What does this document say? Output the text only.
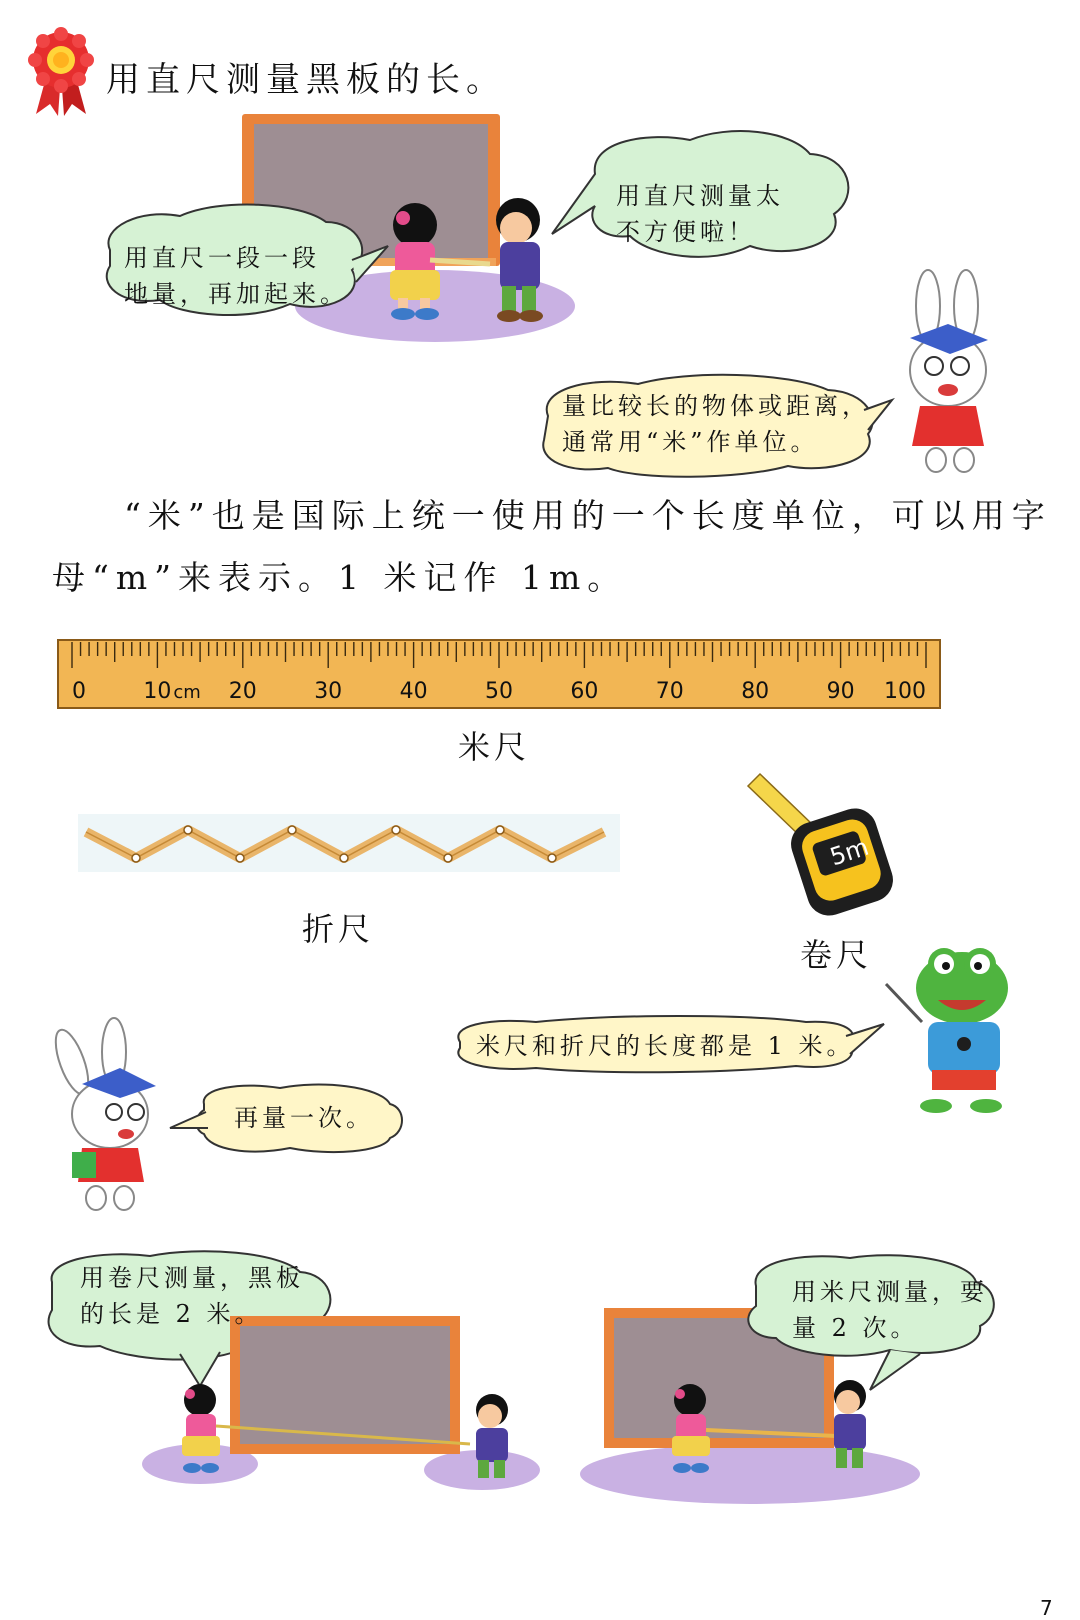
用直尺测量黑板的长。
用直尺测量太
不方便啦！
用直尺一段一段
地量，再加起来。
量比较长的物体或距离，
通常用“米”作单位。
“米”也是国际上统一使用的一个长度单位，可以用字
母“m”来表示。1 米记作 1m。
0	10 cm 20	30	40	50	60	70	80	90 100
米尺
折尺
5m
卷尺
米尺和折尺的长度都是 1 米。
再量一次。
用卷尺测量，黑板
的长是 2 米。
用米尺测量，要
量 2 次。
7
